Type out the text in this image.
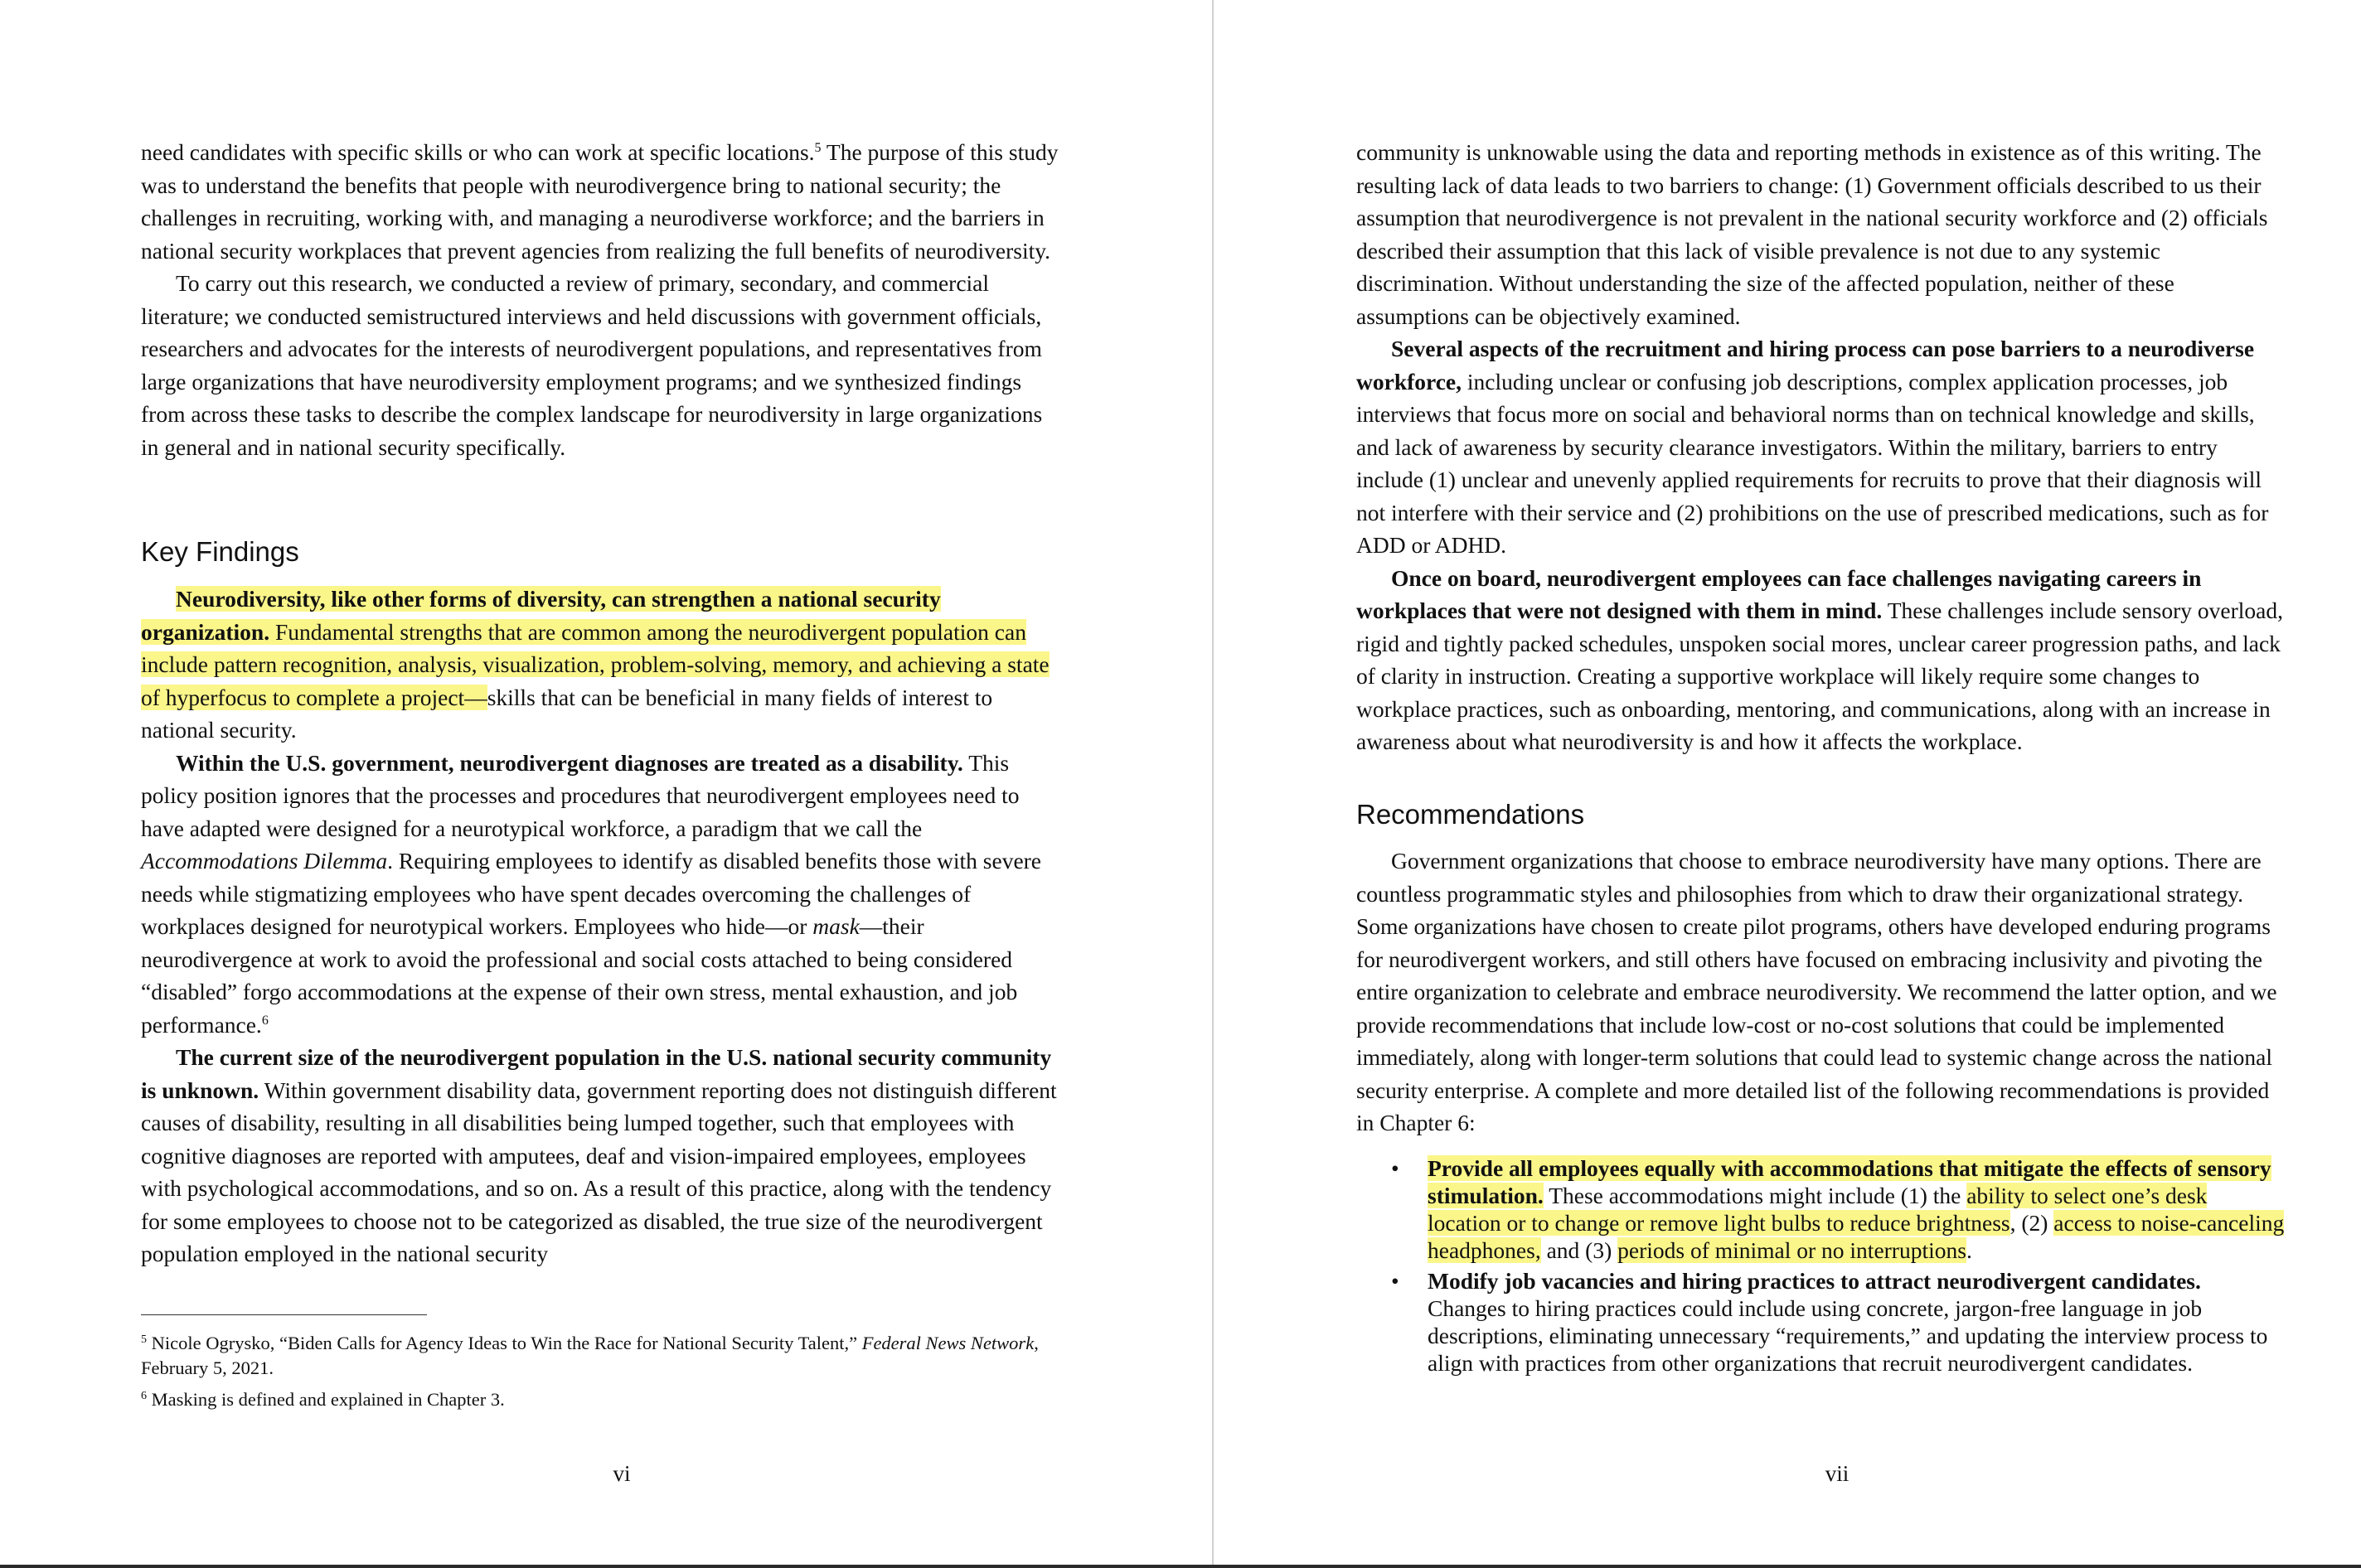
need candidates with specific skills or who can work at specific locations.$^5$ The purpose of this study was to understand the benefits that people with neurodivergence bring to national security; the challenges in recruiting, working with, and managing a neurodiverse workforce; and the barriers in national security workplaces that prevent agencies from realizing the full benefits of neurodiversity.

To carry out this research, we conducted a review of primary, secondary, and commercial literature; we conducted semistructured interviews and held discussions with government officials, researchers and advocates for the interests of neurodivergent populations, and representatives from large organizations that have neurodiversity employment programs; and we synthesized findings from across these tasks to describe the complex landscape for neurodiversity in large organizations in general and in national security specifically.

Key Findings

Neurodiversity, like other forms of diversity, can strengthen a national security organization. Fundamental strengths that are common among the neurodivergent population can include pattern recognition, analysis, visualization, problem-solving, memory, and achieving a state of hyperfocus to complete a project—skills that can be beneficial in many fields of interest to national security.

Within the U.S. government, neurodivergent diagnoses are treated as a disability. This policy position ignores that the processes and procedures that neurodivergent employees need to have adapted were designed for a neurotypical workforce, a paradigm that we call the Accommodations Dilemma. Requiring employees to identify as disabled benefits those with severe needs while stigmatizing employees who have spent decades overcoming the challenges of workplaces designed for neurotypical workers. Employees who hide—or mask—their neurodivergence at work to avoid the professional and social costs attached to being considered “disabled” forgo accommodations at the expense of their own stress, mental exhaustion, and job performance.$^6$

The current size of the neurodivergent population in the U.S. national security community is unknown. Within government disability data, government reporting does not distinguish different causes of disability, resulting in all disabilities being lumped together, such that employees with cognitive diagnoses are reported with amputees, deaf and vision-impaired employees, employees with psychological accommodations, and so on. As a result of this practice, along with the tendency for some employees to choose not to be categorized as disabled, the true size of the neurodivergent population employed in the national security

$^5$ Nicole Ogrysko, “Biden Calls for Agency Ideas to Win the Race for National Security Talent,” Federal News Network, February 5, 2021.

$^6$ Masking is defined and explained in Chapter 3.

vi

community is unknowable using the data and reporting methods in existence as of this writing. The resulting lack of data leads to two barriers to change: (1) Government officials described to us their assumption that neurodivergence is not prevalent in the national security workforce and (2) officials described their assumption that this lack of visible prevalence is not due to any systemic discrimination. Without understanding the size of the affected population, neither of these assumptions can be objectively examined.

Several aspects of the recruitment and hiring process can pose barriers to a neurodiverse workforce, including unclear or confusing job descriptions, complex application processes, job interviews that focus more on social and behavioral norms than on technical knowledge and skills, and lack of awareness by security clearance investigators. Within the military, barriers to entry include (1) unclear and unevenly applied requirements for recruits to prove that their diagnosis will not interfere with their service and (2) prohibitions on the use of prescribed medications, such as for ADD or ADHD.

Once on board, neurodivergent employees can face challenges navigating careers in workplaces that were not designed with them in mind. These challenges include sensory overload, rigid and tightly packed schedules, unspoken social mores, unclear career progression paths, and lack of clarity in instruction. Creating a supportive workplace will likely require some changes to workplace practices, such as onboarding, mentoring, and communications, along with an increase in awareness about what neurodiversity is and how it affects the workplace.

Recommendations

Government organizations that choose to embrace neurodiversity have many options. There are countless programmatic styles and philosophies from which to draw their organizational strategy. Some organizations have chosen to create pilot programs, others have developed enduring programs for neurodivergent workers, and still others have focused on embracing inclusivity and pivoting the entire organization to celebrate and embrace neurodiversity. We recommend the latter option, and we provide recommendations that include low-cost or no-cost solutions that could be implemented immediately, along with longer-term solutions that could lead to systemic change across the national security enterprise. A complete and more detailed list of the following recommendations is provided in Chapter 6:

• Provide all employees equally with accommodations that mitigate the effects of sensory stimulation. These accommodations might include (1) the ability to select one’s desk location or to change or remove light bulbs to reduce brightness, (2) access to noise-canceling headphones, and (3) periods of minimal or no interruptions.
• Modify job vacancies and hiring practices to attract neurodivergent candidates. Changes to hiring practices could include using concrete, jargon-free language in job descriptions, eliminating unnecessary “requirements,” and updating the interview process to align with practices from other organizations that recruit neurodivergent candidates.
vii
